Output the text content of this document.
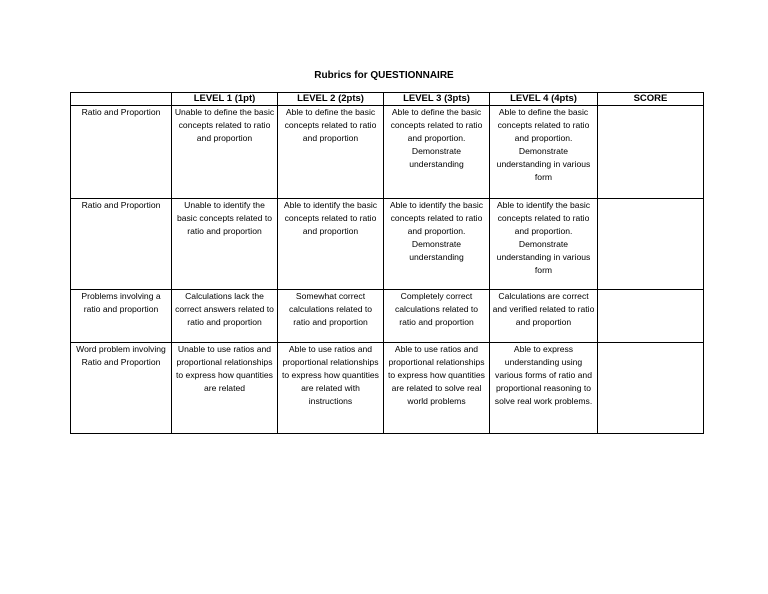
Rubrics for QUESTIONNAIRE
	LEVEL 1 (1pt)	LEVEL 2 (2pts)	LEVEL 3 (3pts)	LEVEL 4 (4pts)	SCORE
Ratio and Proportion	Unable to define the basic concepts related to ratio and proportion	Able to define the basic concepts related to ratio and proportion	Able to define the basic concepts related to ratio and proportion. Demonstrate understanding	Able to define the basic concepts related to ratio and proportion. Demonstrate understanding in various form	
Ratio and Proportion	Unable to identify the basic concepts related to ratio and proportion	Able to identify the basic concepts related to ratio and proportion	Able to identify the basic concepts related to ratio and proportion. Demonstrate understanding	Able to identify the basic concepts related to ratio and proportion. Demonstrate understanding in various form	
Problems involving a ratio and proportion	Calculations lack the correct answers related to ratio and proportion	Somewhat correct calculations related to ratio and proportion	Completely correct calculations related to ratio and proportion	Calculations are correct and verified related to ratio and proportion	
Word problem involving Ratio and Proportion	Unable to use ratios and proportional relationships to express how quantities are related	Able to use ratios and proportional relationships to express how quantities are related with instructions	Able to use ratios and proportional relationships to express how quantities are related to solve real world problems	Able to express understanding using various forms of ratio and proportional reasoning to solve real work problems.	
